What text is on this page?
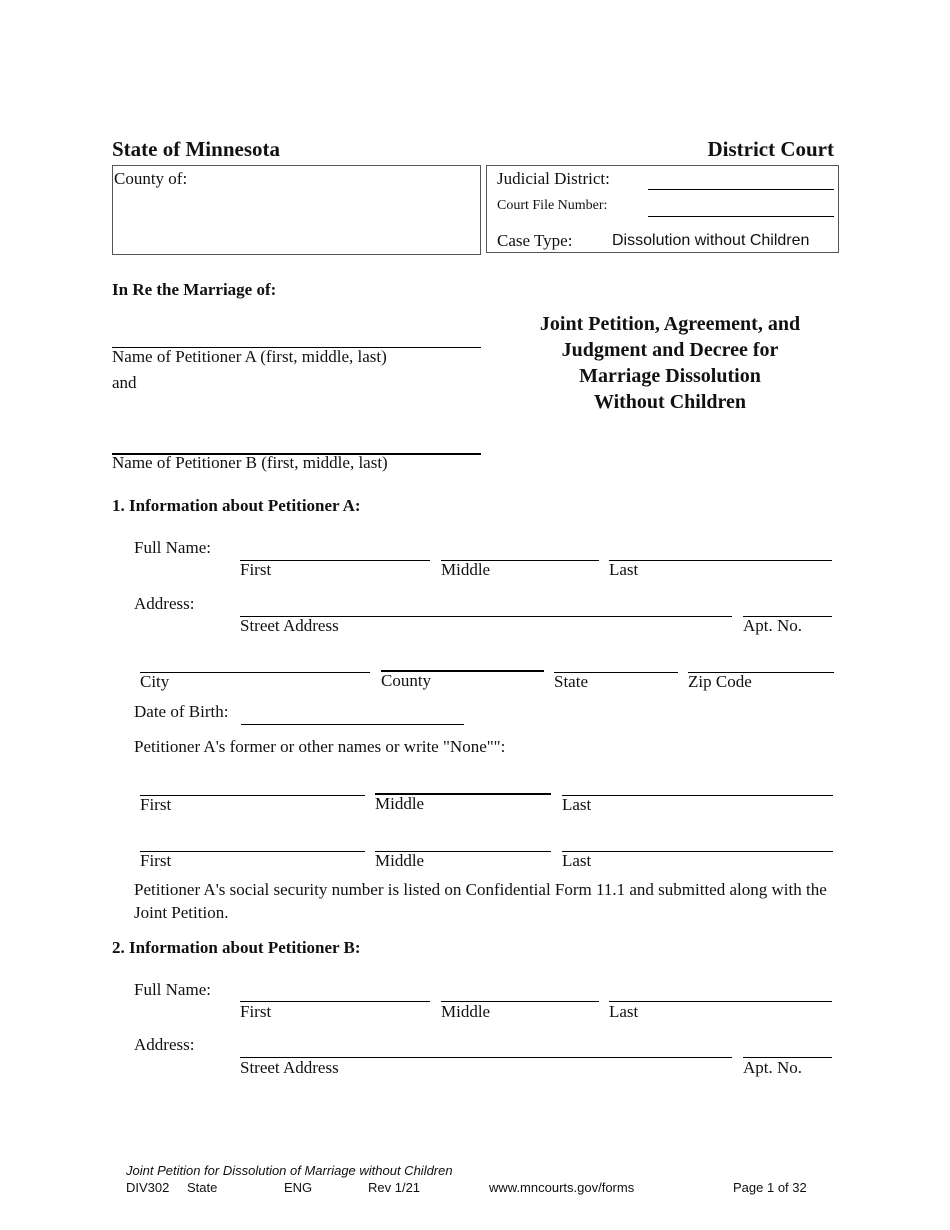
State of Minnesota	District Court
County of:	Judicial District:
Court File Number:
Case Type: Dissolution without Children
In Re the Marriage of:
Name of Petitioner A (first, middle, last)
and
Name of Petitioner B (first, middle, last)
Joint Petition, Agreement, and
Judgment and Decree for
Marriage Dissolution
Without Children
1. Information about Petitioner A:
Full Name:
First	Middle	Last
Address:
Street Address	Apt. No.
City	County	State	Zip Code
Date of Birth:
Petitioner A's former or other names or write "None"":
First	Middle	Last
First	Middle	Last
Petitioner A's social security number is listed on Confidential Form 11.1 and submitted along with the Joint Petition.
2. Information about Petitioner B:
Full Name:
First	Middle	Last
Address:
Street Address	Apt. No.
Joint Petition for Dissolution of Marriage without Children
DIV302 State	ENG	Rev 1/21	www.mncourts.gov/forms	Page 1 of 32
